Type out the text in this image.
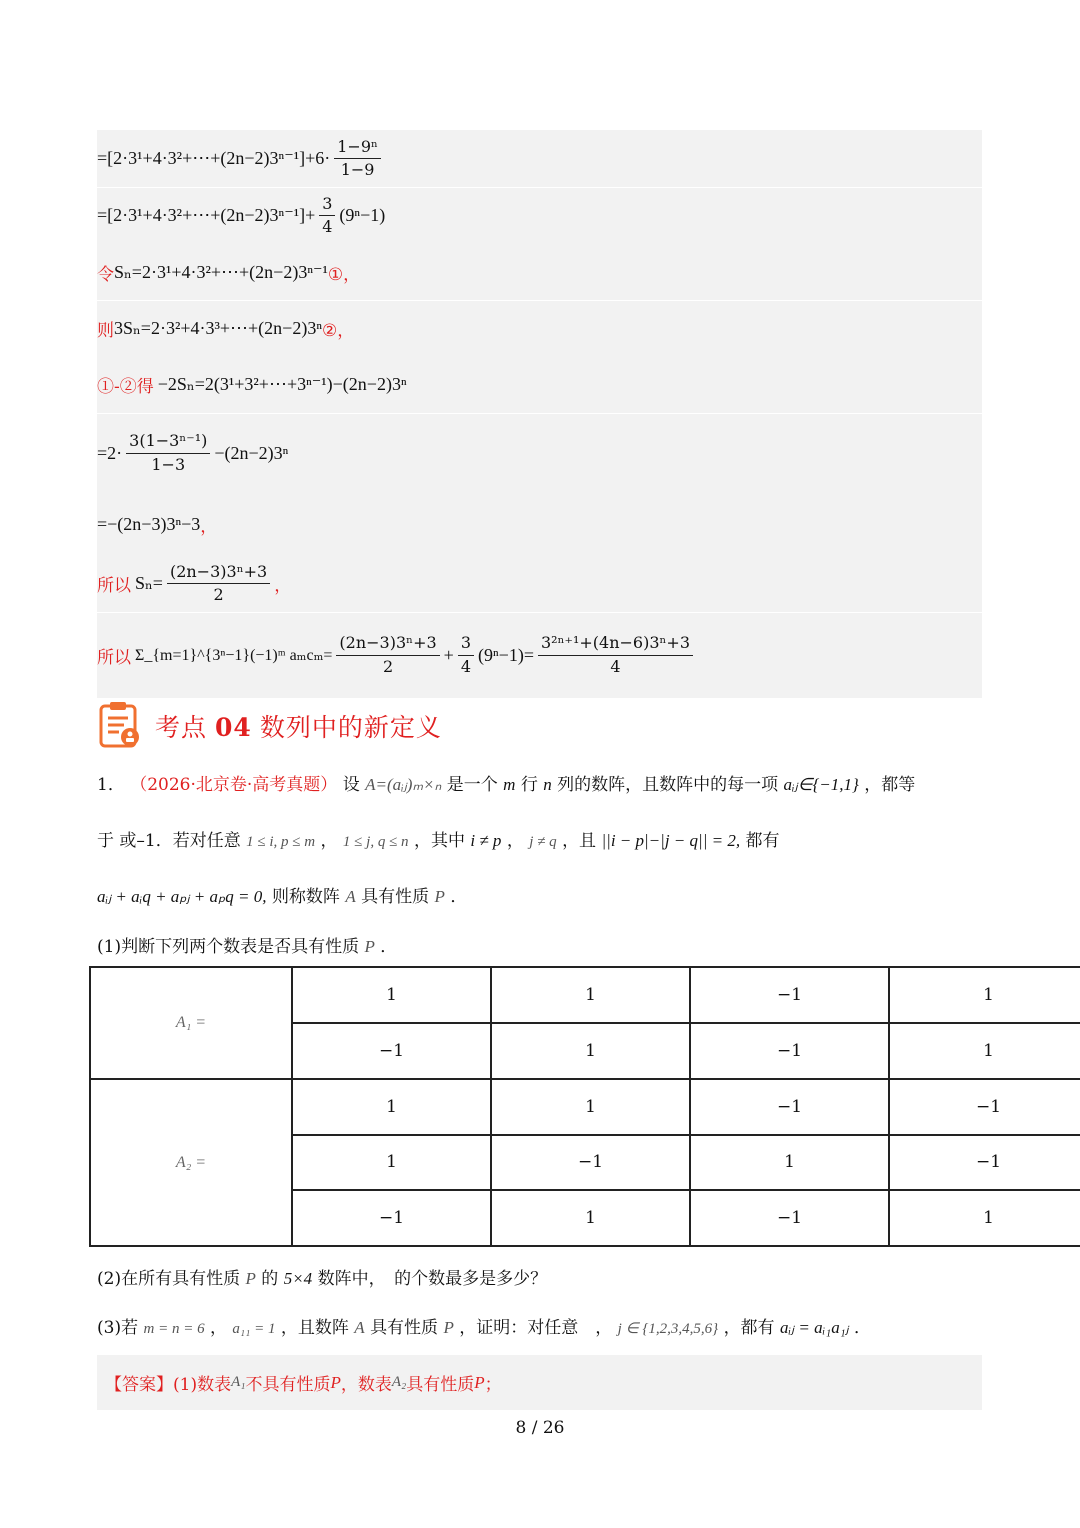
=[2·3¹+4·3²+⋯+(2n−2)3ⁿ⁻¹]+6· $\frac{\text{1−9ⁿ}}{1-9}$
=[2·3¹+4·3²+⋯+(2n−2)3ⁿ⁻¹]+ $\frac{3}{4} (9^n-1)$
令 Sₙ=2·3¹+4·3²+⋯+(2n−2)3ⁿ⁻¹ ①，
则 3Sₙ=2·3²+4·3³+⋯+(2n−2)3ⁿ ②，
①-②得 −2Sₙ=2(3¹+3²+⋯+3ⁿ⁻¹)−(2n−2)3ⁿ
$=2\cdot \frac{\text{3(1−3ⁿ⁻¹)}}{1-3} -(2n-2)3^n$
=−(2n−3)3ⁿ−3 ，
所以 $S_n= \frac{\text{(2n−3)3ⁿ+3}}{2}$ ，
所以 Σ_{m=1}^{3ⁿ−1}(−1)ᵐ $a_mc_m= \frac{\text{(2n−3)3ⁿ+3}}{2} + \frac{3}{4} (9^n-1)= \frac{\text{3²ⁿ⁺¹+(4n−6)3ⁿ+3}}{4}$
考点 04 数列中的新定义
1． （2026·北京卷·高考真题） 设 A=(aᵢⱼ)ₘ×ₙ 是一个 m 行 n 列的数阵，且数阵中的每一项 aᵢⱼ∈{−1,1} ，都等
于 或–1．若对任意 1 ≤ i, p ≤ m ， 1 ≤ j, q ≤ n ，其中 i ≠ p ， j ≠ q ，且 ||i − p|−|j − q|| = 2, 都有
aᵢⱼ + aᵢq + aₚⱼ + aₚq = 0, 则称数阵 A 具有性质 P ．
(1)判断下列两个数表是否具有性质 P ．
A₁ =	1	1	−1	1
	−1	1	−1	1
A₂ =	1	1	−1	−1
	1	−1	1	−1
	−1	1	−1	1
(2)在所有具有性质 P 的 5×4 数阵中，　的个数最多是多少？
(3)若 m = n = 6 ， a₁₁ = 1 ，且数阵 A 具有性质 P ，证明：对任意　， j ∈ {1,2,3,4,5,6} ，都有 aᵢⱼ = aᵢ₁a₁ⱼ ．
【答案】 (1)数表 A₁ 不具有性质 P ，数表 A₂ 具有性质 P ；
8 / 26
